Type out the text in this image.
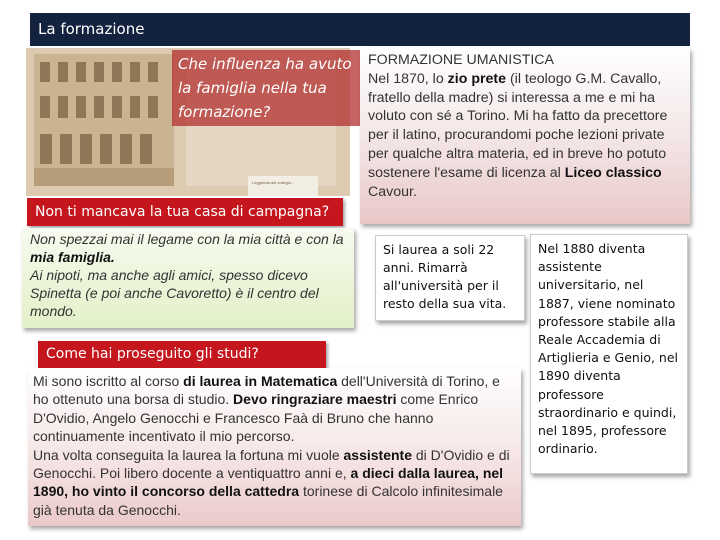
La formazione
Leggenda del collegio...
Che influenza ha avuto la famiglia nella tua formazione?
Non ti mancava la tua casa di campagna?
FORMAZIONE UMANISTICA
Nel 1870, lo zio prete (il teologo G.M. Cavallo, fratello della madre) si interessa a me e mi ha voluto con sé a Torino. Mi ha fatto da precettore per il latino, procurandomi poche lezioni private per qualche altra materia, ed in breve ho potuto sostenere l'esame di licenza al Liceo classico Cavour.
Non spezzai mai il legame con la mia città e con la mia famiglia.
Ai nipoti, ma anche agli amici, spesso dicevo Spinetta (e poi anche Cavoretto) è il centro del mondo.
Si laurea a soli 22 anni. Rimarrà all'università per il resto della sua vita.
Nel 1880 diventa assistente universitario, nel 1887, viene nominato professore stabile alla Reale Accademia di Artiglieria e Genio, nel 1890 diventa professore straordinario e quindi, nel 1895, professore ordinario.
Come hai proseguito gli studi?
Mi sono iscritto al corso di laurea in Matematica dell'Università di Torino, e ho ottenuto una borsa di studio. Devo ringraziare maestri come Enrico D'Ovidio, Angelo Genocchi e Francesco Faà di Bruno che hanno continuamente incentivato il mio percorso.
Una volta conseguita la laurea la fortuna mi vuole assistente di D'Ovidio e di Genocchi. Poi libero docente a ventiquattro anni e, a dieci dalla laurea, nel 1890, ho vinto il concorso della cattedra torinese di Calcolo infinitesimale già tenuta da Genocchi.
